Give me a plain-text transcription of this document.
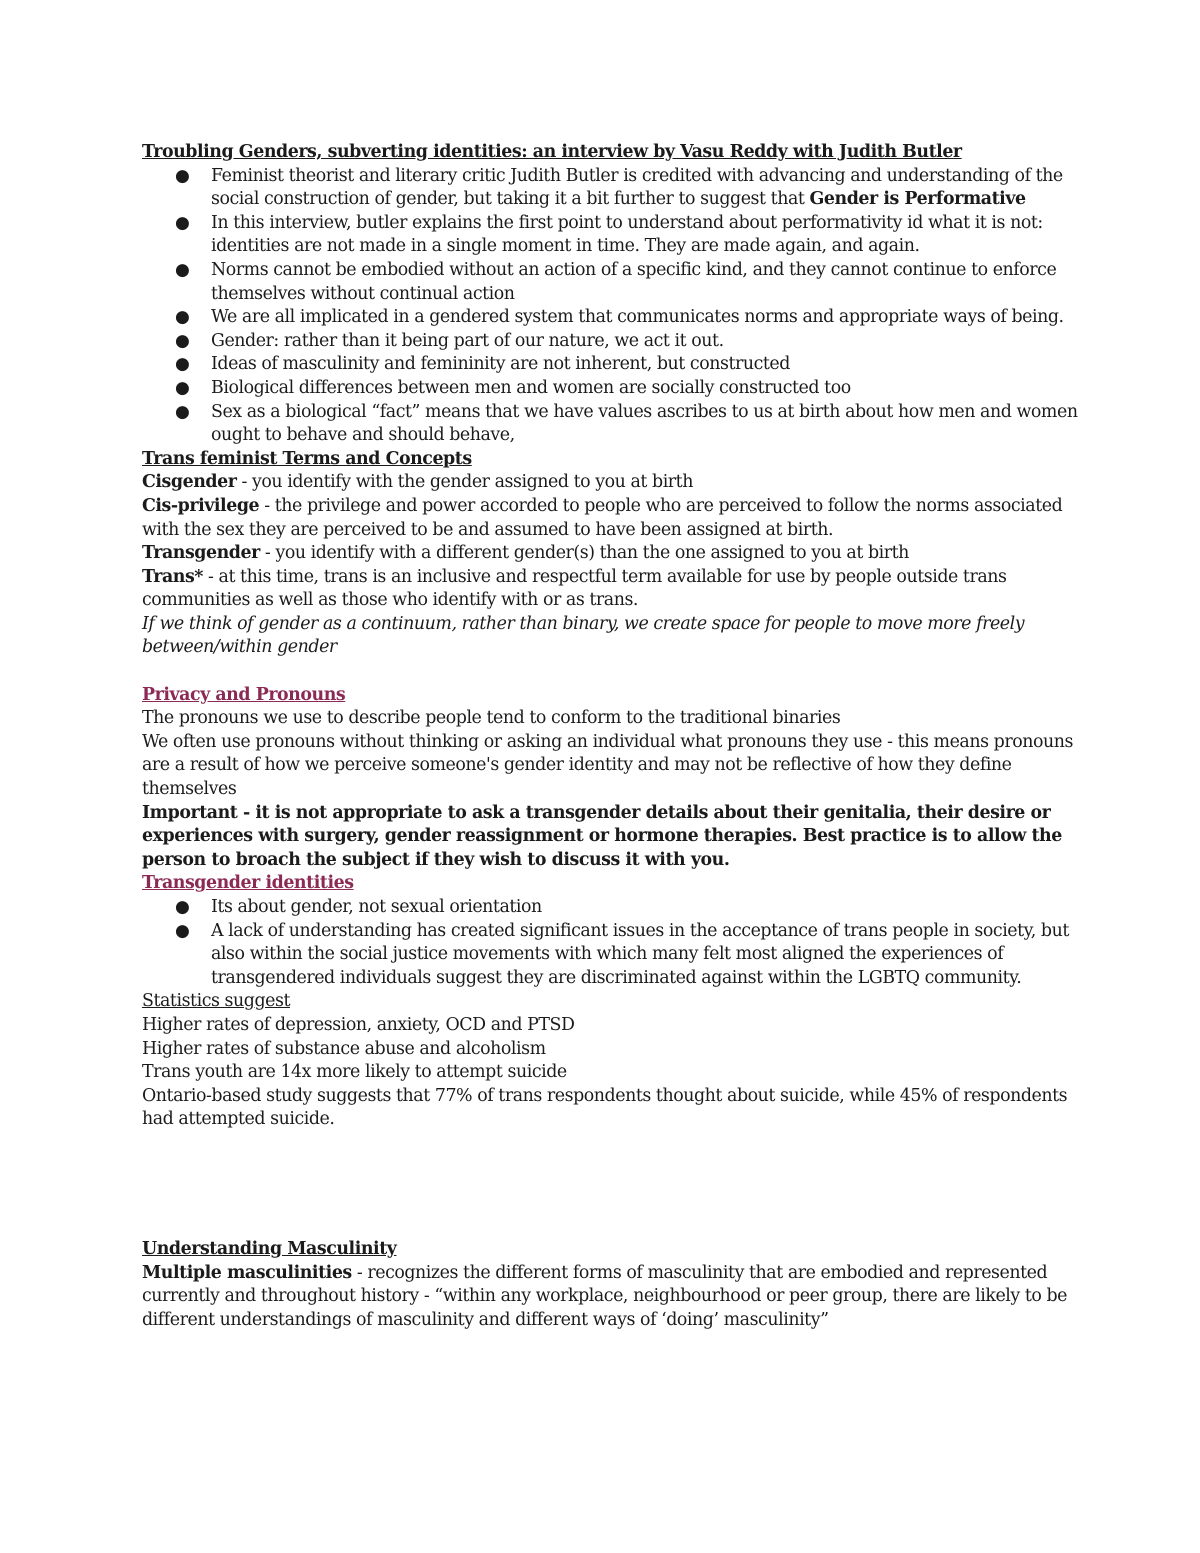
Troubling Genders, subverting identities: an interview by Vasu Reddy with Judith Butler

● Feminist theorist and literary critic Judith Butler is credited with advancing and understanding of the social construction of gender, but taking it a bit further to suggest that Gender is Performative
● In this interview, butler explains the first point to understand about performativity id what it is not: identities are not made in a single moment in time. They are made again, and again.
● Norms cannot be embodied without an action of a specific kind, and they cannot continue to enforce themselves without continual action
● We are all implicated in a gendered system that communicates norms and appropriate ways of being.
● Gender: rather than it being part of our nature, we act it out.
● Ideas of masculinity and femininity are not inherent, but constructed
● Biological differences between men and women are socially constructed too
● Sex as a biological “fact” means that we have values ascribes to us at birth about how men and women ought to behave and should behave,

Trans feminist Terms and Concepts

Cisgender - you identify with the gender assigned to you at birth

Cis-privilege - the privilege and power accorded to people who are perceived to follow the norms associated with the sex they are perceived to be and assumed to have been assigned at birth.

Transgender - you identify with a different gender(s) than the one assigned to you at birth

Trans* - at this time, trans is an inclusive and respectful term available for use by people outside trans communities as well as those who identify with or as trans.

If we think of gender as a continuum, rather than binary, we create space for people to move more freely between/within gender

Privacy and Pronouns

The pronouns we use to describe people tend to conform to the traditional binaries

We often use pronouns without thinking or asking an individual what pronouns they use - this means pronouns are a result of how we perceive someone's gender identity and may not be reflective of how they define themselves

Important - it is not appropriate to ask a transgender details about their genitalia, their desire or experiences with surgery, gender reassignment or hormone therapies. Best practice is to allow the person to broach the subject if they wish to discuss it with you.

Transgender identities

● Its about gender, not sexual orientation
● A lack of understanding has created significant issues in the acceptance of trans people in society, but also within the social justice movements with which many felt most aligned the experiences of transgendered individuals suggest they are discriminated against within the LGBTQ community.

Statistics suggest

Higher rates of depression, anxiety, OCD and PTSD

Higher rates of substance abuse and alcoholism

Trans youth are 14x more likely to attempt suicide

Ontario-based study suggests that 77% of trans respondents thought about suicide, while 45% of respondents had attempted suicide.

Understanding Masculinity

Multiple masculinities - recognizes the different forms of masculinity that are embodied and represented currently and throughout history - “within any workplace, neighbourhood or peer group, there are likely to be different understandings of masculinity and different ways of ‘doing’ masculinity”
